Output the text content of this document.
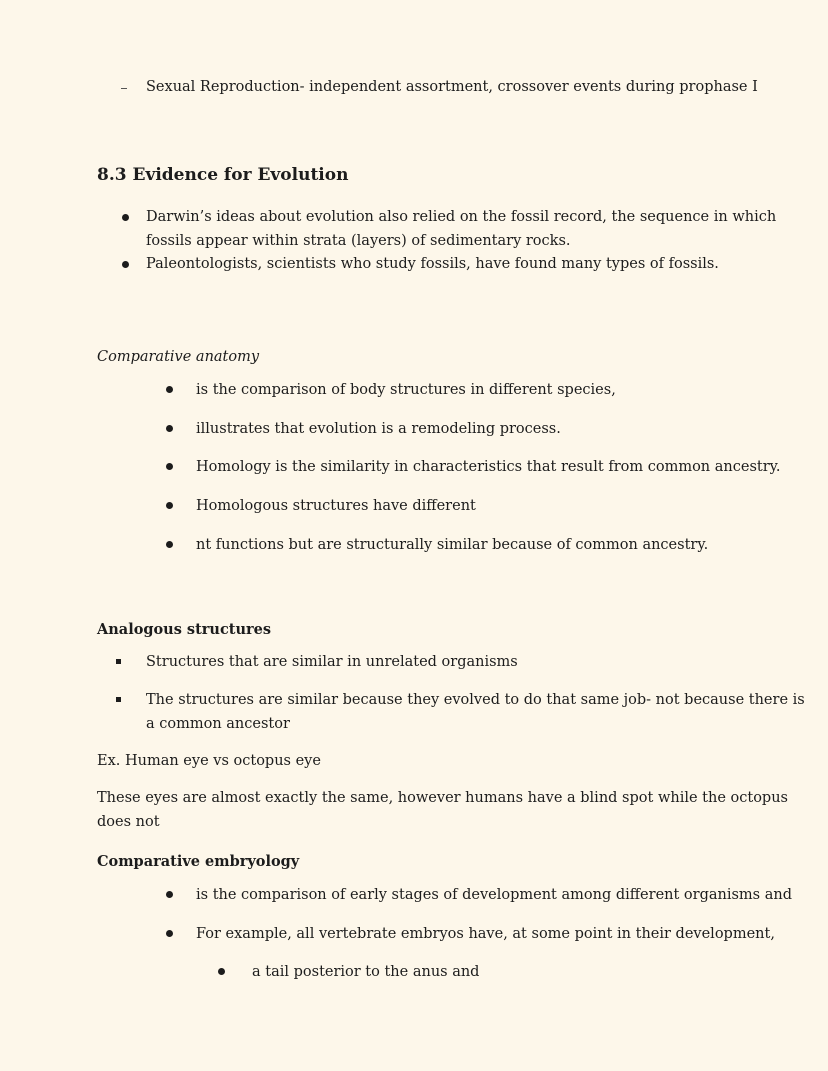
Sexual Reproduction- independent assortment, crossover events during prophase I
8.3 Evidence for Evolution
Darwin’s ideas about evolution also relied on the fossil record, the sequence in which
fossils appear within strata (layers) of sedimentary rocks.
Paleontologists, scientists who study fossils, have found many types of fossils.
Comparative anatomy
is the comparison of body structures in different species,
illustrates that evolution is a remodeling process.
Homology is the similarity in characteristics that result from common ancestry.
Homologous structures have different
nt functions but are structurally similar because of common ancestry.
Analogous structures
Structures that are similar in unrelated organisms
The structures are similar because they evolved to do that same job- not because there is
a common ancestor
Ex. Human eye vs octopus eye
These eyes are almost exactly the same, however humans have a blind spot while the octopus
does not
Comparative embryology
is the comparison of early stages of development among different organisms and
For example, all vertebrate embryos have, at some point in their development,
a tail posterior to the anus and
